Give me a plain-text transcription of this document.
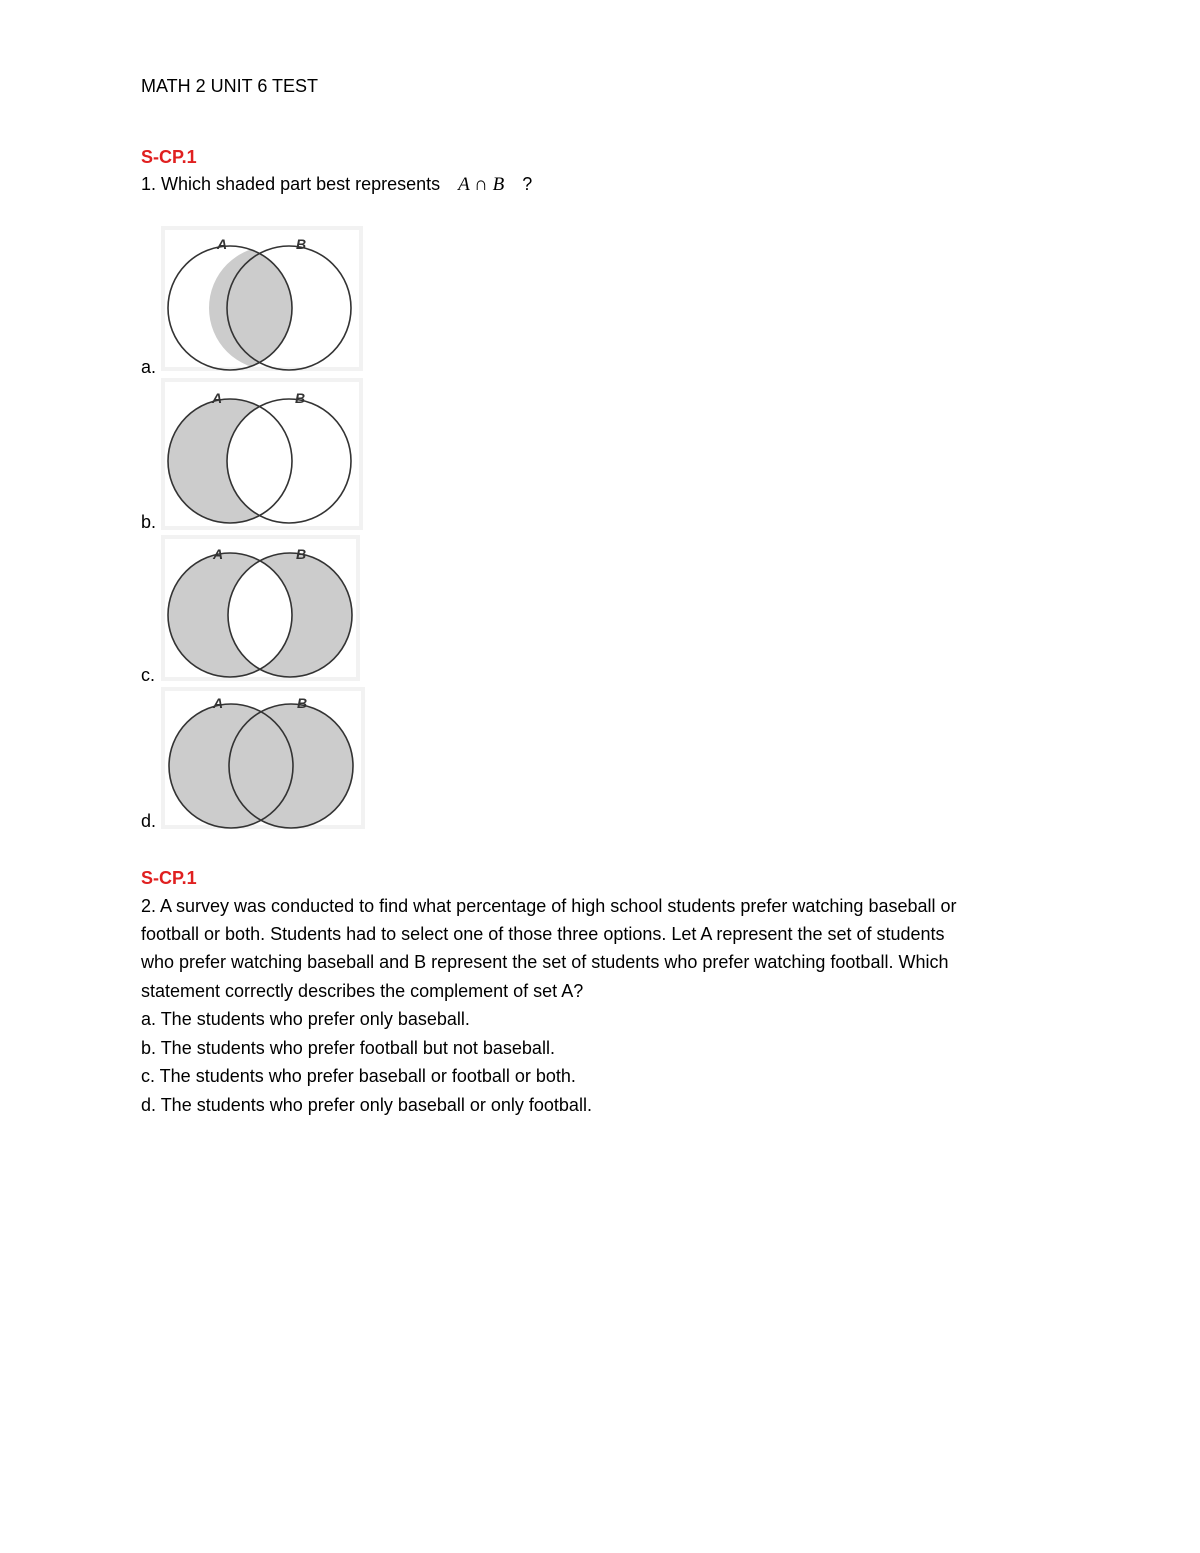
MATH 2 UNIT 6 TEST
S-CP.1
1. Which shaded part best represents A ∩ B ?
A	B
a.
A	B
b.
A	B
c.
A	B
d.
S-CP.1
2. A survey was conducted to find what percentage of high school students prefer watching baseball or
football or both. Students had to select one of those three options. Let A represent the set of students
who prefer watching baseball and B represent the set of students who prefer watching football. Which
statement correctly describes the complement of set A?
a. The students who prefer only baseball.
b. The students who prefer football but not baseball.
c. The students who prefer baseball or football or both.
d. The students who prefer only baseball or only football.
